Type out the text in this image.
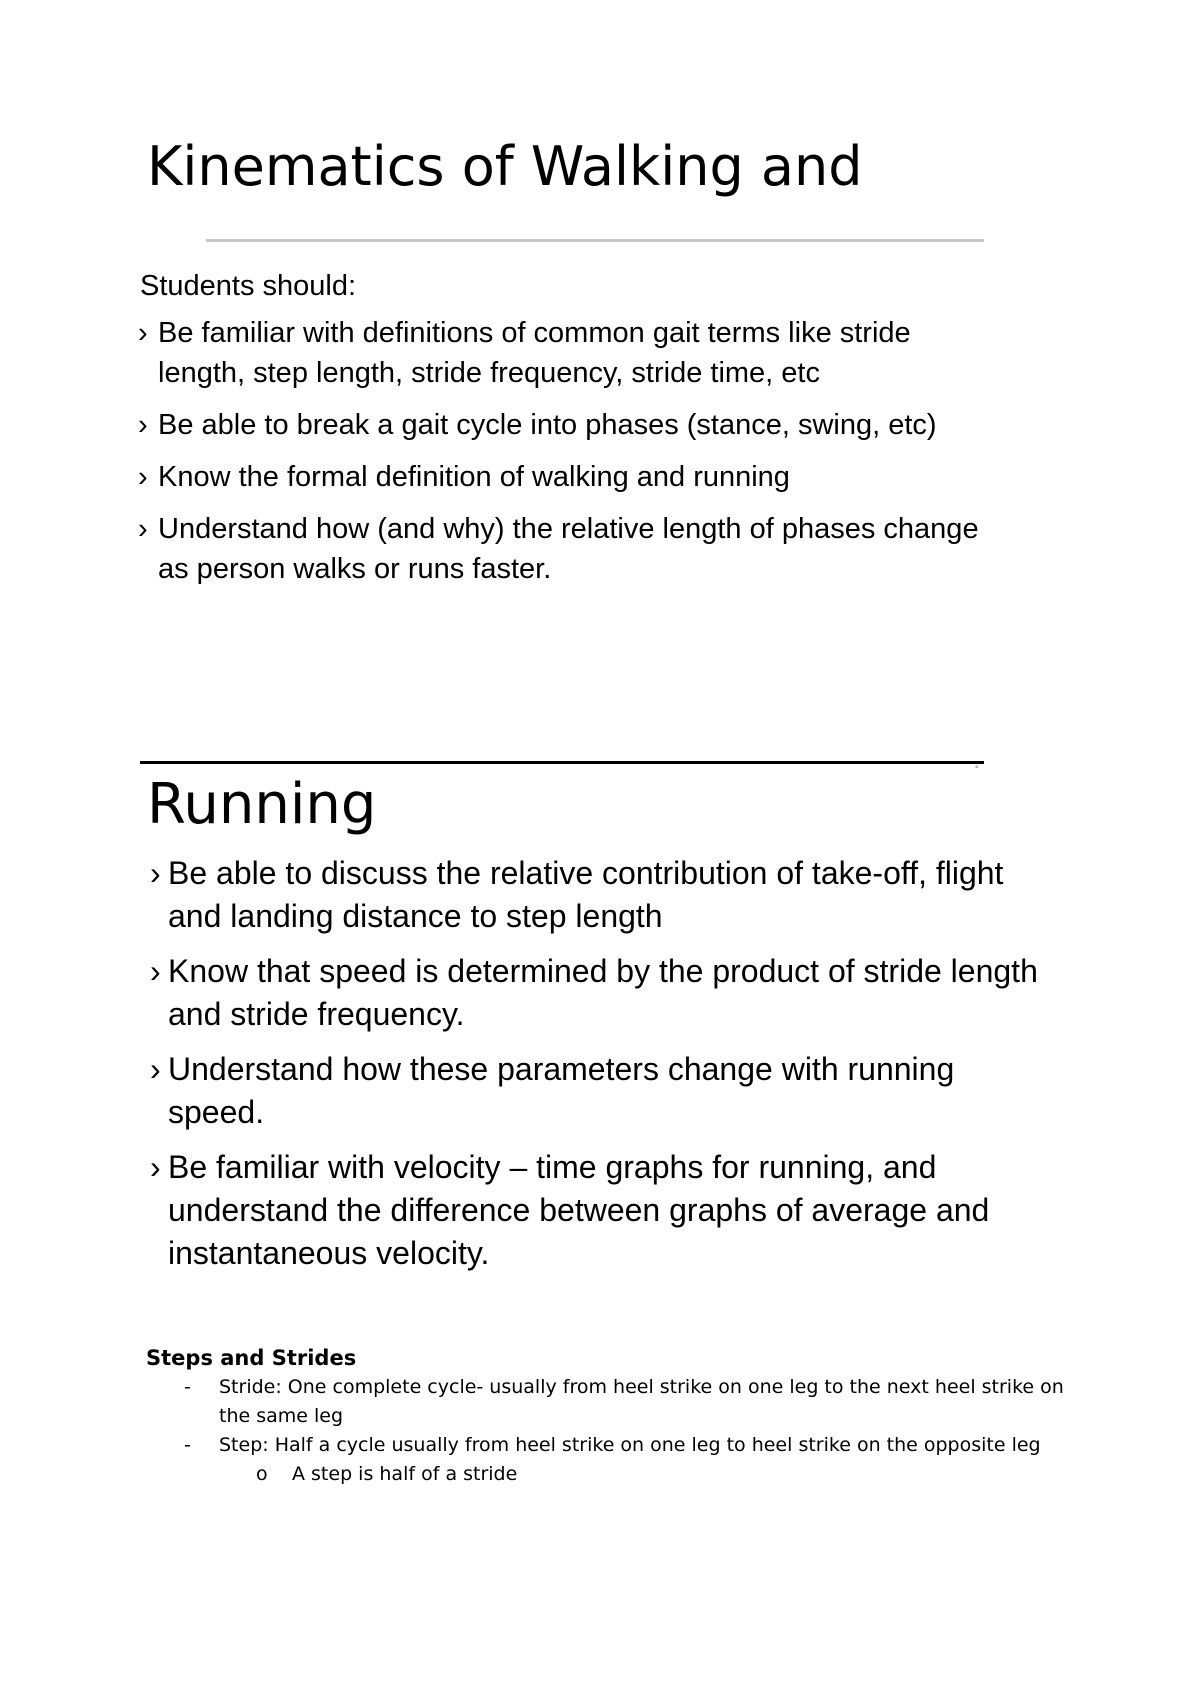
Kinematics of Walking and
Students should:
› Be familiar with definitions of common gait terms like stride length, step length, stride frequency, stride time, etc
› Be able to break a gait cycle into phases (stance, swing, etc)
› Know the formal definition of walking and running
› Understand how (and why) the relative length of phases change as person walks or runs faster.
°
Running
› Be able to discuss the relative contribution of take-off, flight and landing distance to step length
› Know that speed is determined by the product of stride length and stride frequency.
› Understand how these parameters change with running speed.
› Be familiar with velocity – time graphs for running, and understand the difference between graphs of average and instantaneous velocity.
Steps and Strides
- Stride: One complete cycle- usually from heel strike on one leg to the next heel strike on the same leg
- Step: Half a cycle usually from heel strike on one leg to heel strike on the opposite leg
o A step is half of a stride
